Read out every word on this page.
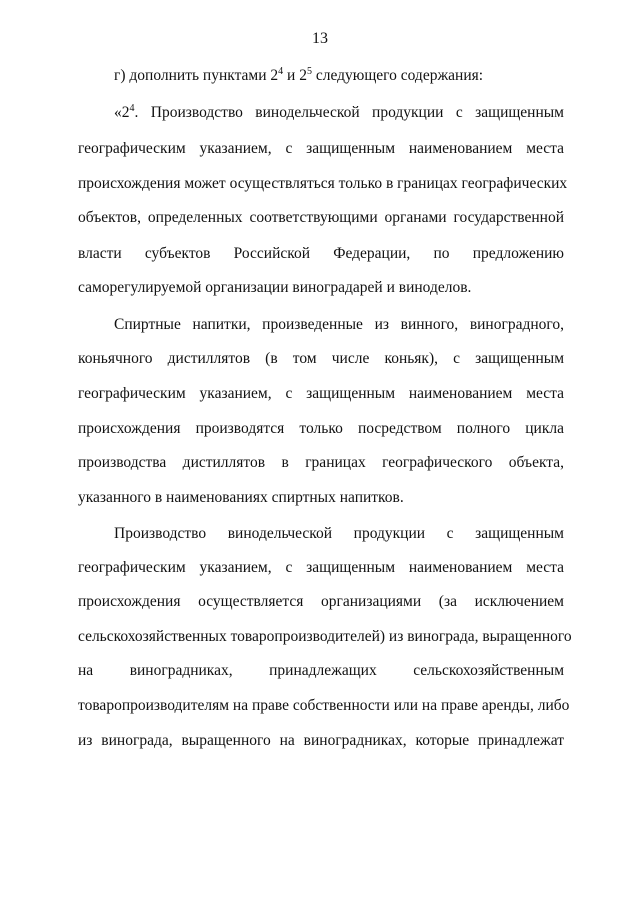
13
г) дополнить пунктами $2^4$ и $2^5$ следующего содержания:
«$2^4$. Производство винодельческой продукции с защищенным
географическим указанием, с защищенным наименованием места
происхождения может осуществляться только в границах географических
объектов, определенных соответствующими органами государственной
власти субъектов Российской Федерации, по предложению
саморегулируемой организации виноградарей и виноделов.
Спиртные напитки, произведенные из винного, виноградного,
коньячного дистиллятов (в том числе коньяк), с защищенным
географическим указанием, с защищенным наименованием места
происхождения производятся только посредством полного цикла
производства дистиллятов в границах географического объекта,
указанного в наименованиях спиртных напитков.
Производство винодельческой продукции с защищенным
географическим указанием, с защищенным наименованием места
происхождения осуществляется организациями (за исключением
сельскохозяйственных товаропроизводителей) из винограда, выращенного
на виноградниках, принадлежащих сельскохозяйственным
товаропроизводителям на праве собственности или на праве аренды, либо
из винограда, выращенного на виноградниках, которые принадлежат
